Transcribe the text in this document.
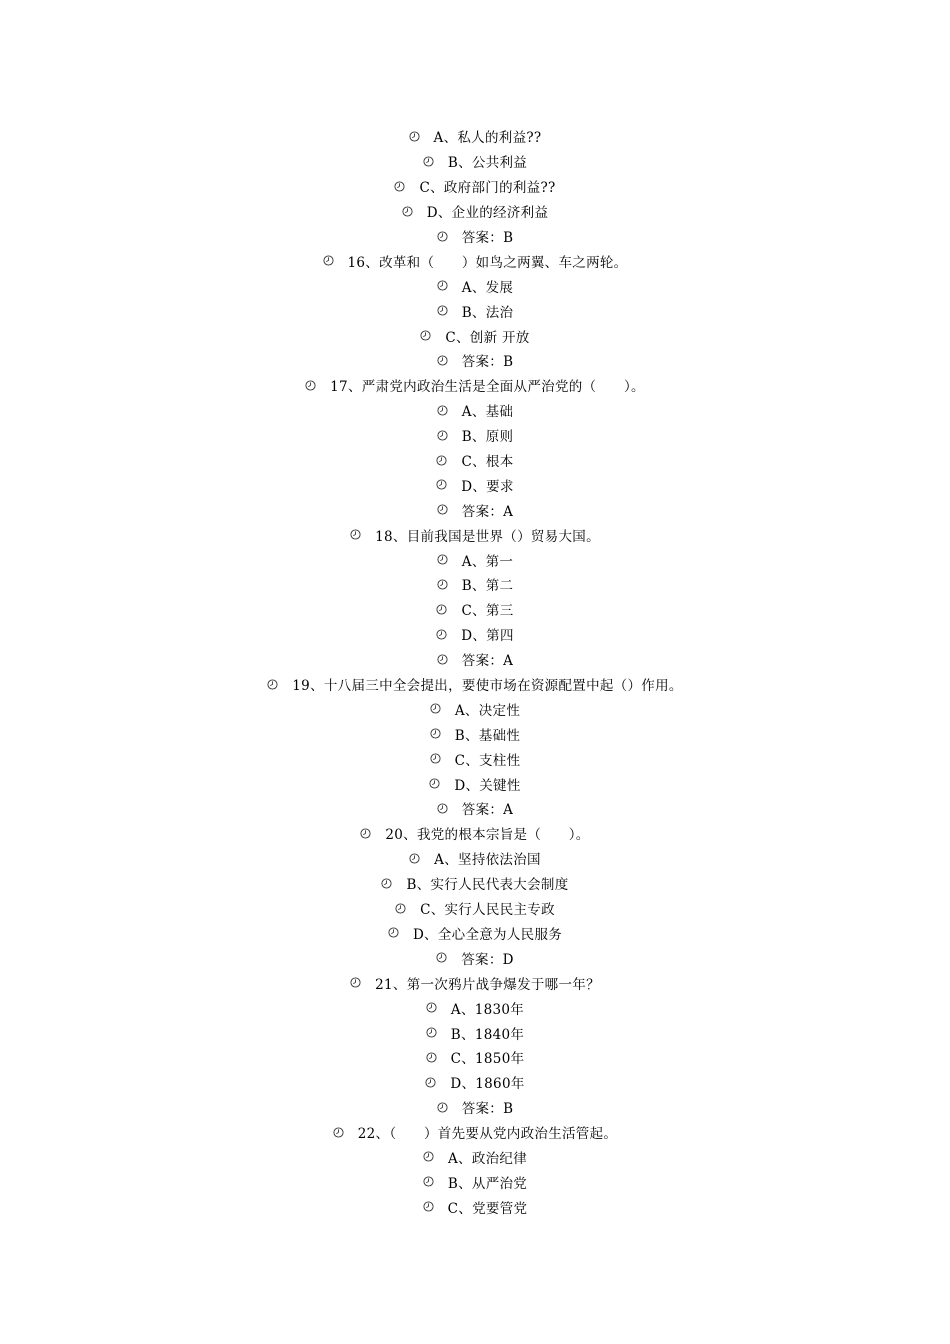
A、私人的利益??
B、公共利益
C、政府部门的利益??
D、企业的经济利益
答案：B
16、改革和（　　）如鸟之两翼、车之两轮。
A、发展
B、法治
C、创新 开放
答案：B
17、严肃党内政治生活是全面从严治党的（　　）。
A、基础
B、原则
C、根本
D、要求
答案：A
18、目前我国是世界（）贸易大国。
A、第一
B、第二
C、第三
D、第四
答案：A
19、十八届三中全会提出，要使市场在资源配置中起（）作用。
A、决定性
B、基础性
C、支柱性
D、关键性
答案：A
20、我党的根本宗旨是（　　）。
A、坚持依法治国
B、实行人民代表大会制度
C、实行人民民主专政
D、全心全意为人民服务
答案：D
21、第一次鸦片战争爆发于哪一年？
A、1830年
B、1840年
C、1850年
D、1860年
答案：B
22、（　　）首先要从党内政治生活管起。
A、政治纪律
B、从严治党
C、党要管党
